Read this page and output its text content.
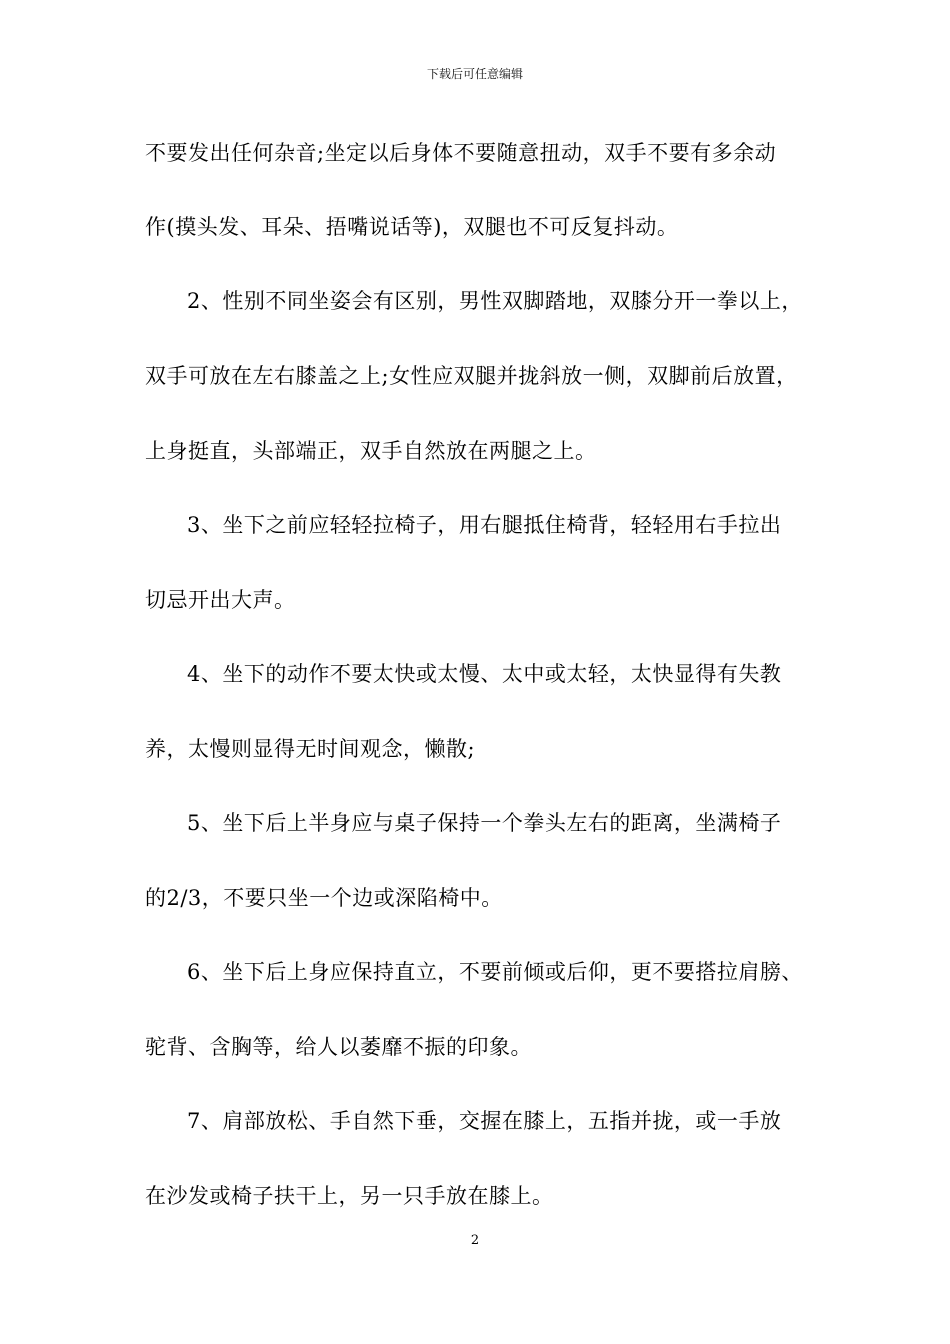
下载后可任意编辑
不要发出任何杂音;坐定以后身体不要随意扭动，双手不要有多余动
作(摸头发、耳朵、捂嘴说话等)，双腿也不可反复抖动。
2、性别不同坐姿会有区别，男性双脚踏地，双膝分开一拳以上，
双手可放在左右膝盖之上;女性应双腿并拢斜放一侧，双脚前后放置，
上身挺直，头部端正，双手自然放在两腿之上。
3、坐下之前应轻轻拉椅子，用右腿抵住椅背，轻轻用右手拉出
切忌开出大声。
4、坐下的动作不要太快或太慢、太中或太轻，太快显得有失教
养，太慢则显得无时间观念，懒散;
5、坐下后上半身应与桌子保持一个拳头左右的距离，坐满椅子
的2/3，不要只坐一个边或深陷椅中。
6、坐下后上身应保持直立，不要前倾或后仰，更不要搭拉肩膀、
驼背、含胸等，给人以萎靡不振的印象。
7、肩部放松、手自然下垂，交握在膝上，五指并拢，或一手放
在沙发或椅子扶干上，另一只手放在膝上。
2
